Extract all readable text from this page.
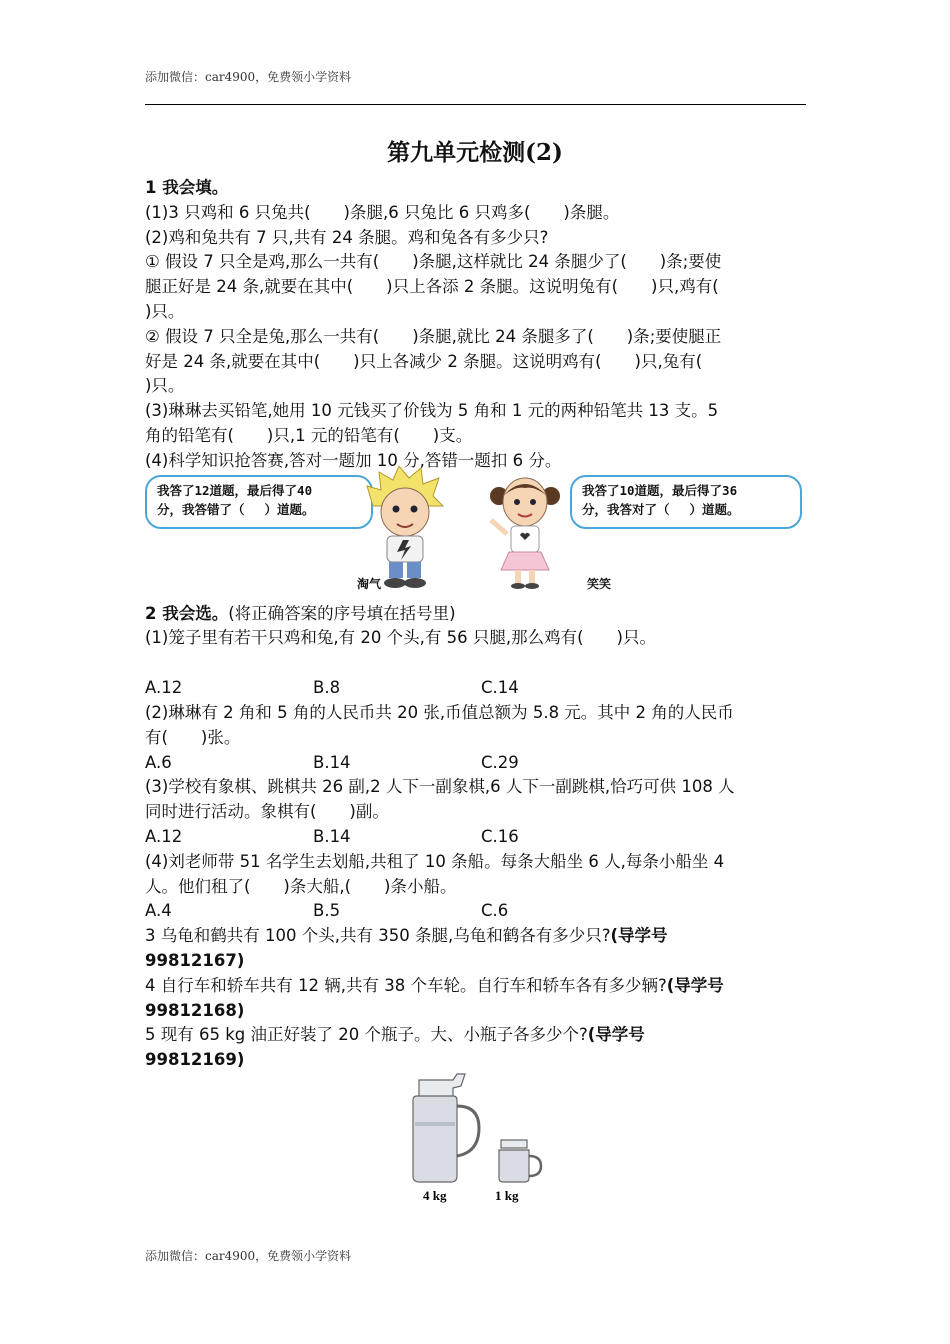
添加微信：car4900，免费领小学资料
第九单元检测(2)

1 我会填。

(1)3 只鸡和 6 只兔共(　　)条腿,6 只兔比 6 只鸡多(　　)条腿。

(2)鸡和兔共有 7 只,共有 24 条腿。鸡和兔各有多少只?

① 假设 7 只全是鸡,那么一共有(　　)条腿,这样就比 24 条腿少了(　　)条;要使

腿正好是 24 条,就要在其中(　　)只上各添 2 条腿。这说明兔有(　　)只,鸡有(

)只。

② 假设 7 只全是兔,那么一共有(　　)条腿,就比 24 条腿多了(　　)条;要使腿正

好是 24 条,就要在其中(　　)只上各减少 2 条腿。这说明鸡有(　　)只,兔有(

)只。

(3)琳琳去买铅笔,她用 10 元钱买了价钱为 5 角和 1 元的两种铅笔共 13 支。5

角的铅笔有(　　)只,1 元的铅笔有(　　)支。

(4)科学知识抢答赛,答对一题加 10 分,答错一题扣 6 分。

我答了12道题，最后得了40

分，我答错了（　 ）道题。

淘气	笑笑

我答了10道题，最后得了36

分，我答对了（　 ）道题。

2 我会选。(将正确答案的序号填在括号里)

(1)笼子里有若干只鸡和兔,有 20 个头,有 56 只腿,那么鸡有(　　)只。

A.12	B.8	C.14

(2)琳琳有 2 角和 5 角的人民币共 20 张,币值总额为 5.8 元。其中 2 角的人民币

有(　　)张。

A.6	B.14	C.29

(3)学校有象棋、跳棋共 26 副,2 人下一副象棋,6 人下一副跳棋,恰巧可供 108 人

同时进行活动。象棋有(　　)副。

A.12	B.14	C.16

(4)刘老师带 51 名学生去划船,共租了 10 条船。每条大船坐 6 人,每条小船坐 4

人。他们租了(　　)条大船,(　　)条小船。

A.4	B.5	C.6

3 乌龟和鹤共有 100 个头,共有 350 条腿,乌龟和鹤各有多少只?(导学号

99812167)

4 自行车和轿车共有 12 辆,共有 38 个车轮。自行车和轿车各有多少辆?(导学号

99812168)

5 现有 65 kg 油正好装了 20 个瓶子。大、小瓶子各多少个?(导学号

99812169)

4 kg	1 kg
添加微信：car4900，免费领小学资料
